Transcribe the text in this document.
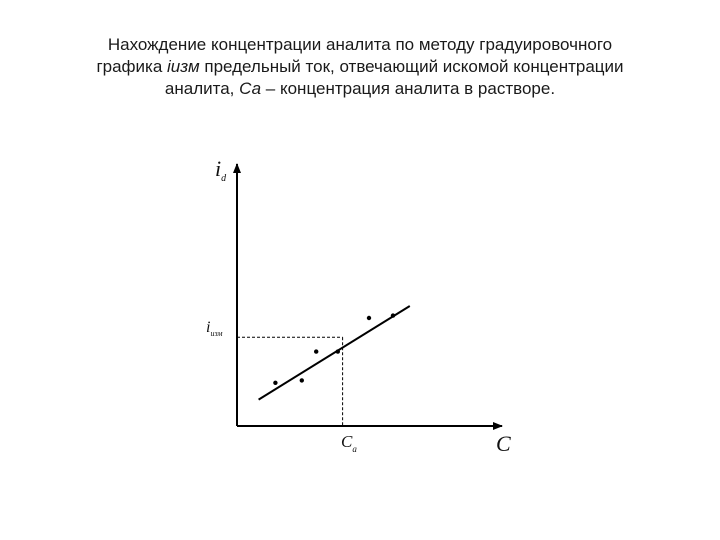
Нахождение концентрации аналита по методу градуировочного
графика iизм предельный ток, отвечающий искомой концентрации
аналита, Са – концентрация аналита в растворе.
$i_d$
C
$i_{изм}$
$C_a$
